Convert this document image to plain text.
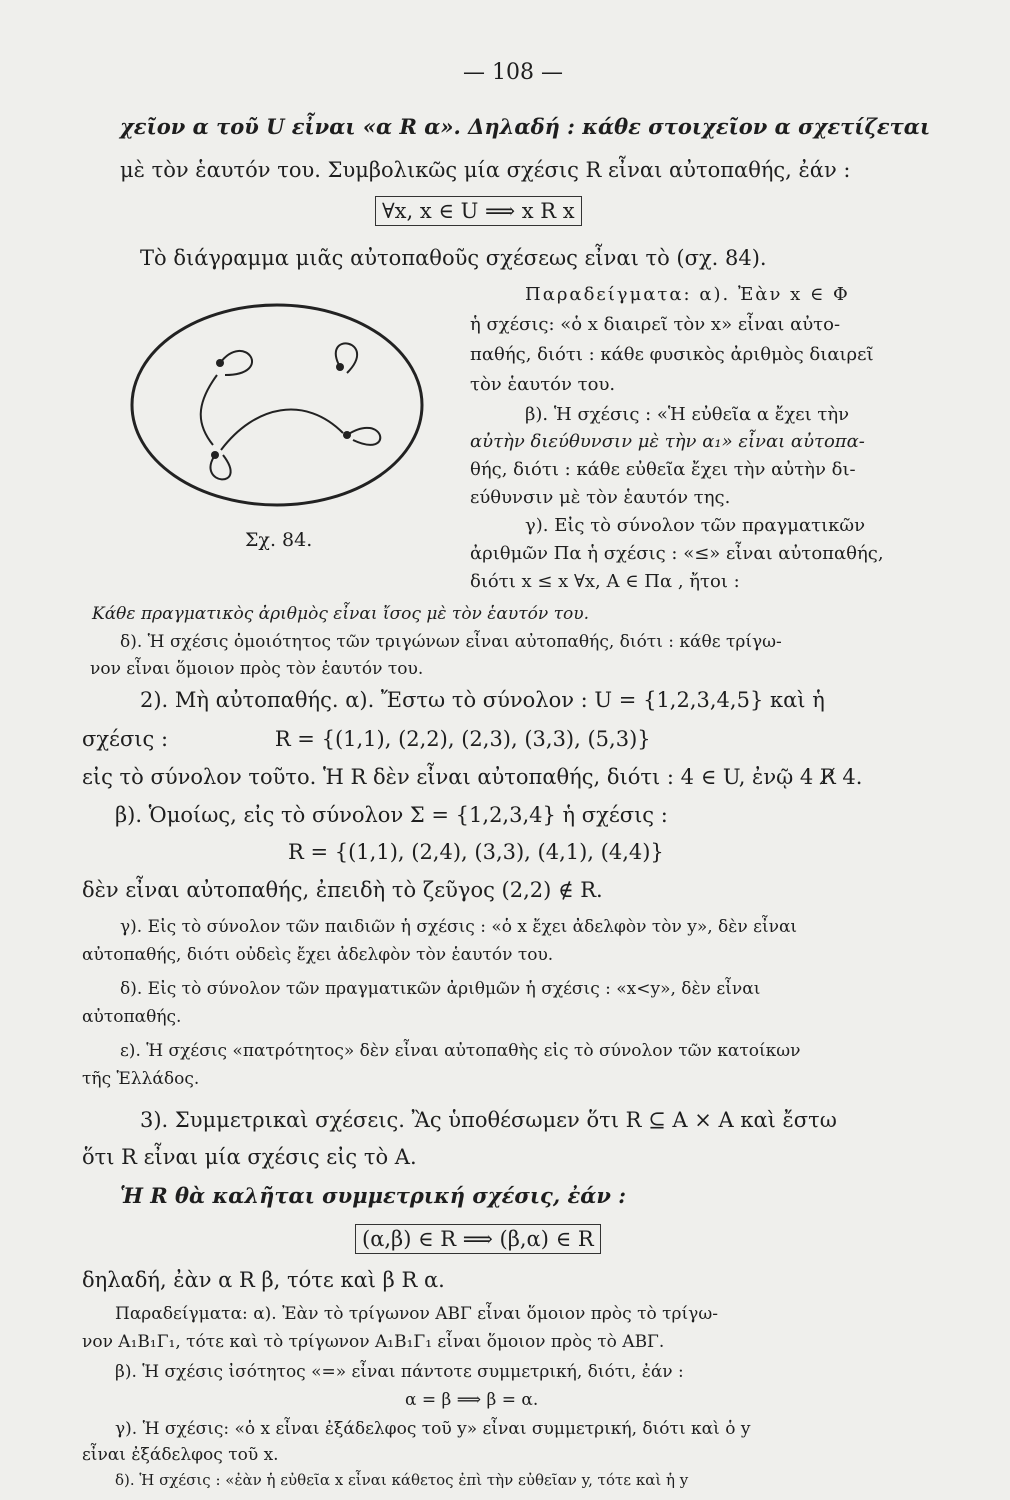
— 108 —
χεῖον α τοῦ U εἶναι «α R α». Δηλαδή : κάθε στοιχεῖον α σχετίζεται
μὲ τὸν ἑαυτόν του. Συμβολικῶς μία σχέσις R εἶναι αὐτοπαθής, ἐάν :
∀x, x ∈ U ⟹ x R x
Τὸ διάγραμμα μιᾶς αὐτοπαθοῦς σχέσεως εἶναι τὸ (σχ. 84).
Σχ. 84.
Παραδείγματα: α). Ἐὰν x ∈ Φ
ἡ σχέσις: «ὁ x διαιρεῖ τὸν x» εἶναι αὐτο-
παθής, διότι : κάθε φυσικὸς ἀριθμὸς διαιρεῖ
τὸν ἑαυτόν του.
β). Ἡ σχέσις : «Ἡ εὐθεῖα α ἔχει τὴν
αὐτὴν διεύθυνσιν μὲ τὴν α₁» εἶναι αὐτοπα-
θής, διότι : κάθε εὐθεῖα ἔχει τὴν αὐτὴν δι-
εύθυνσιν μὲ τὸν ἑαυτόν της.
γ). Εἰς τὸ σύνολον τῶν πραγματικῶν
ἀριθμῶν Πα ἡ σχέσις : «≤» εἶναι αὐτοπαθής,
διότι x ≤ x ∀x, A ∈ Πα , ἤτοι :
Κάθε πραγματικὸς ἀριθμὸς εἶναι ἴσος μὲ τὸν ἑαυτόν του.
δ). Ἡ σχέσις ὁμοιότητος τῶν τριγώνων εἶναι αὐτοπαθής, διότι : κάθε τρίγω-
νον εἶναι ὅμοιον πρὸς τὸν ἑαυτόν του.
2). Μὴ αὐτοπαθής. α). Ἔστω τὸ σύνολον : U = {1,2,3,4,5} καὶ ἡ
σχέσις :                R = {(1,1), (2,2), (2,3), (3,3), (5,3)}
εἰς τὸ σύνολον τοῦτο. Ἡ R δὲν εἶναι αὐτοπαθής, διότι : 4 ∈ U, ἐνῷ 4 R̸ 4.
β). Ὁμοίως, εἰς τὸ σύνολον Σ = {1,2,3,4} ἡ σχέσις :
R = {(1,1), (2,4), (3,3), (4,1), (4,4)}
δὲν εἶναι αὐτοπαθής, ἐπειδὴ τὸ ζεῦγος (2,2) ∉ R.
γ). Εἰς τὸ σύνολον τῶν παιδιῶν ἡ σχέσις : «ὁ x ἔχει ἀδελφὸν τὸν y», δὲν εἶναι
αὐτοπαθής, διότι οὐδεὶς ἔχει ἀδελφὸν τὸν ἑαυτόν του.
δ). Εἰς τὸ σύνολον τῶν πραγματικῶν ἀριθμῶν ἡ σχέσις : «x<y», δὲν εἶναι
αὐτοπαθής.
ε). Ἡ σχέσις «πατρότητος» δὲν εἶναι αὐτοπαθὴς εἰς τὸ σύνολον τῶν κατοίκων
τῆς Ἑλλάδος.
3). Συμμετρικαὶ σχέσεις. Ἂς ὑποθέσωμεν ὅτι R ⊆ A × A καὶ ἔστω
ὅτι R εἶναι μία σχέσις εἰς τὸ A.
Ἡ R θὰ καλῆται συμμετρική σχέσις, ἐάν :
(α,β) ∈ R ⟹ (β,α) ∈ R
δηλαδή, ἐὰν α R β, τότε καὶ β R α.
Παραδείγματα: α). Ἐὰν τὸ τρίγωνον ΑΒΓ εἶναι ὅμοιον πρὸς τὸ τρίγω-
νον Α₁Β₁Γ₁, τότε καὶ τὸ τρίγωνον Α₁Β₁Γ₁ εἶναι ὅμοιον πρὸς τὸ ΑΒΓ.
β). Ἡ σχέσις ἰσότητος «=» εἶναι πάντοτε συμμετρική, διότι, ἐάν :
α = β ⟹ β = α.
γ). Ἡ σχέσις: «ὁ x εἶναι ἐξάδελφος τοῦ y» εἶναι συμμετρική, διότι καὶ ὁ y
εἶναι ἐξάδελφος τοῦ x.
δ). Ἡ σχέσις : «ἐὰν ἡ εὐθεῖα x εἶναι κάθετος ἐπὶ τὴν εὐθεῖαν y, τότε καὶ ἡ y
